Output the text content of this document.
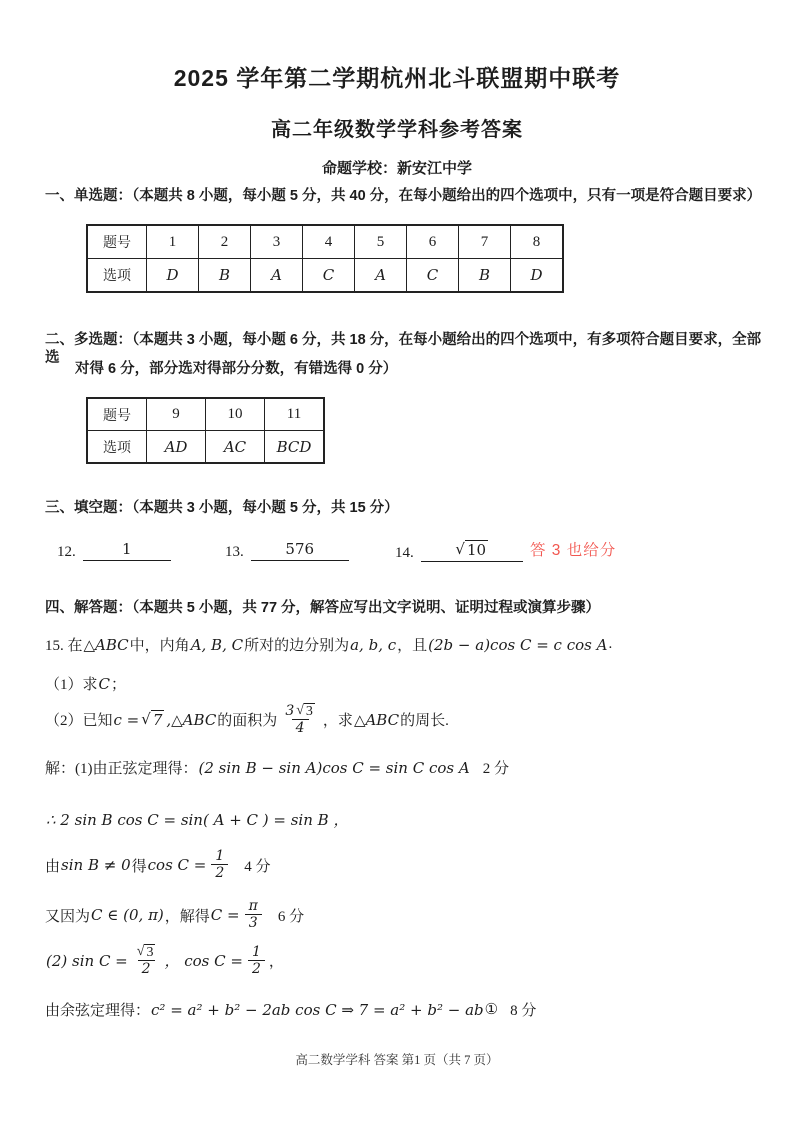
2025 学年第二学期杭州北斗联盟期中联考
高二年级数学学科参考答案
命题学校：新安江中学
一、单选题：（本题共 8 小题，每小题 5 分，共 40 分，在每小题给出的四个选项中，只有一项是符合题目要求）
题号	1	2	3	4	5	6	7	8
选项	D	B	A	C	A	C	B	D
二、多选题：（本题共 3 小题，每小题 6 分，共 18 分，在每小题给出的四个选项中，有多项符合题目要求，全部选
对得 6 分，部分选对得部分分数，有错选得 0 分）
题号	9	10	11
选项	AD	AC	BCD
三、填空题：（本题共 3 小题，每小题 5 分，共 15 分）
12.	1	13.	576	14.	√ 10	答 3 也给分
四、解答题：（本题共 5 小题，共 77 分，解答应写出文字说明、证明过程或演算步骤）
15. 在 △ABC 中，内角 A, B, C 所对的边分别为 a, b, c ，且 (2b − a)cos C = c cos A .
（1）求 C ；
（2）已知 c = √ 7 ,△ABC 的面积为 $\frac{3 √ 3}{4}$ ，求 △ABC 的周长.
解：(1)由正弦定理得： (2 sin B − sin A)cos C = sin C cos A 2 分
∴ 2 sin B cos C = sin( A + C ) = sin B ，
由 sin B ≠ 0 得 $\cos C = \frac{1}{2} 4$ 分
又因为 C ∈ (0, π) ，解得 $C = \frac{\pi}{3} 6$ 分
(2) $\sin C = \frac{√ 3}{2}$ ， $\cos C = \frac{1}{2}$ ，
由余弦定理得： c² = a² + b² − 2ab cos C ⇒ 7 = a² + b² − ab ① 8 分
高二数学学科 答案 第1 页（共 7 页）
